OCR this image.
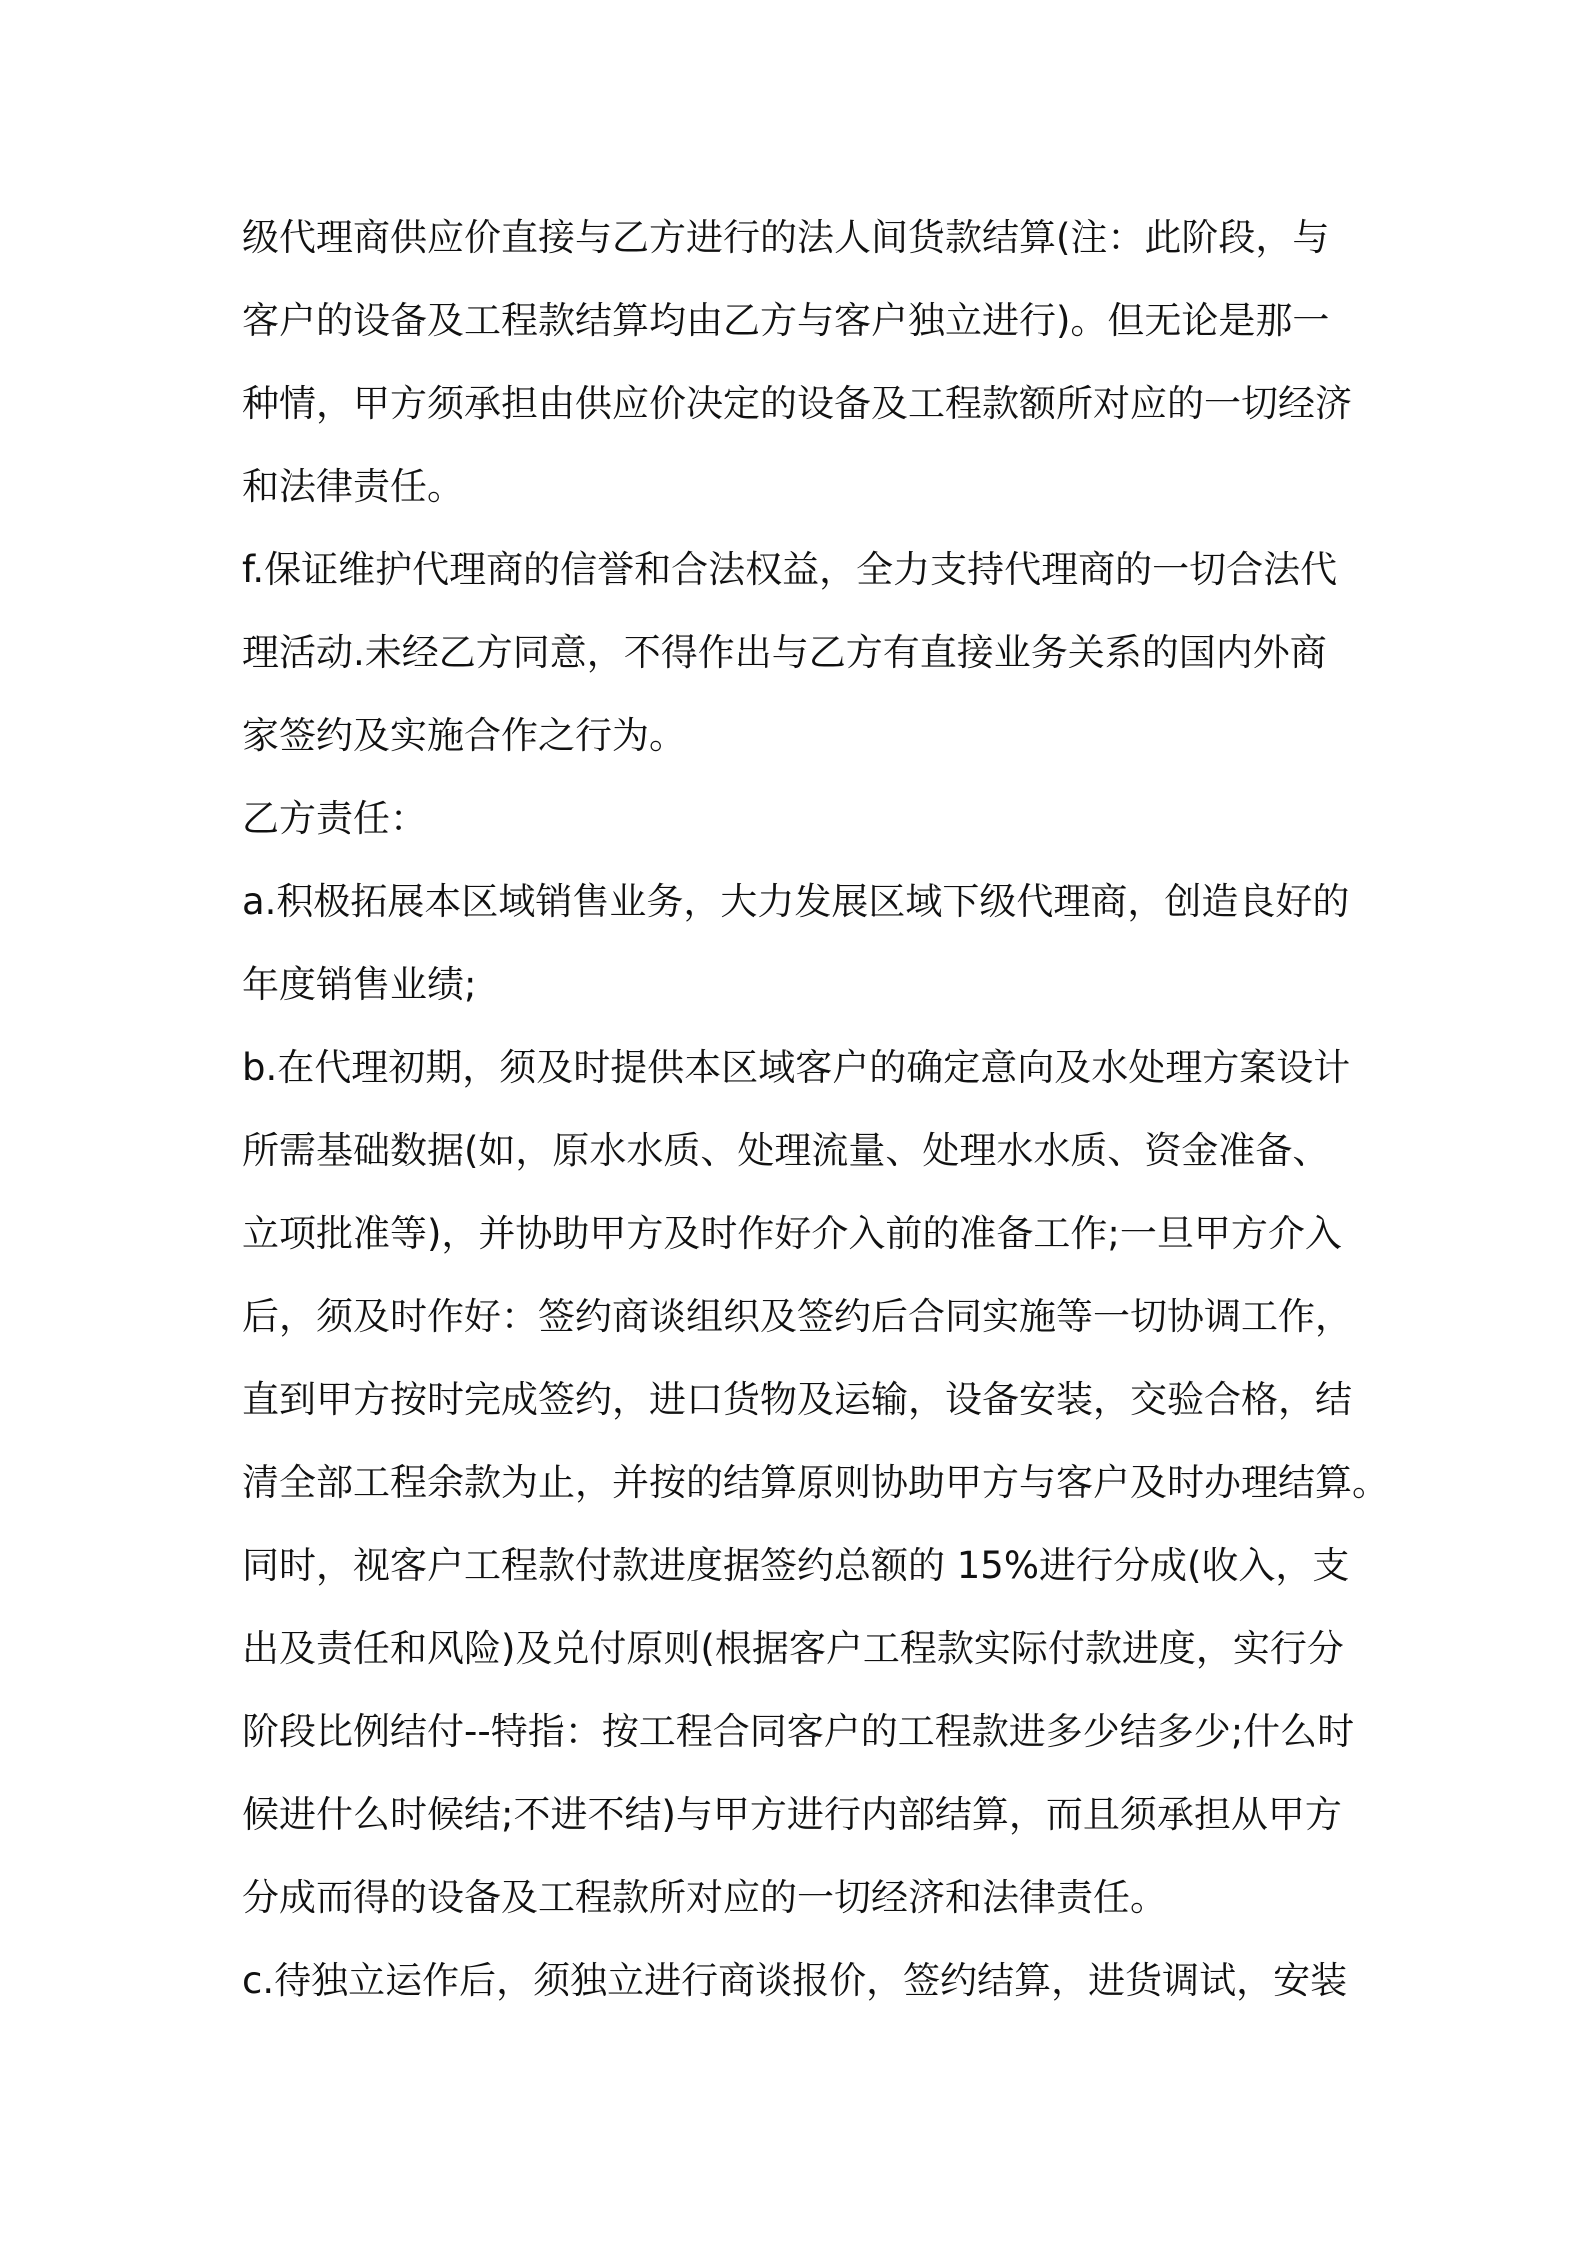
级代理商供应价直接与乙方进行的法人间货款结算(注：此阶段，与
客户的设备及工程款结算均由乙方与客户独立进行)。但无论是那一
种情，甲方须承担由供应价决定的设备及工程款额所对应的一切经济
和法律责任。
f.保证维护代理商的信誉和合法权益，全力支持代理商的一切合法代
理活动.未经乙方同意，不得作出与乙方有直接业务关系的国内外商
家签约及实施合作之行为。
乙方责任：
a.积极拓展本区域销售业务，大力发展区域下级代理商，创造良好的
年度销售业绩;
b.在代理初期，须及时提供本区域客户的确定意向及水处理方案设计
所需基础数据(如，原水水质、处理流量、处理水水质、资金准备、
立项批准等)，并协助甲方及时作好介入前的准备工作;一旦甲方介入
后，须及时作好：签约商谈组织及签约后合同实施等一切协调工作，
直到甲方按时完成签约，进口货物及运输，设备安装，交验合格，结
清全部工程余款为止，并按的结算原则协助甲方与客户及时办理结算。
同时，视客户工程款付款进度据签约总额的 15%进行分成(收入，支
出及责任和风险)及兑付原则(根据客户工程款实际付款进度，实行分
阶段比例结付--特指：按工程合同客户的工程款进多少结多少;什么时
候进什么时候结;不进不结)与甲方进行内部结算，而且须承担从甲方
分成而得的设备及工程款所对应的一切经济和法律责任。
c.待独立运作后，须独立进行商谈报价，签约结算，进货调试，安装
